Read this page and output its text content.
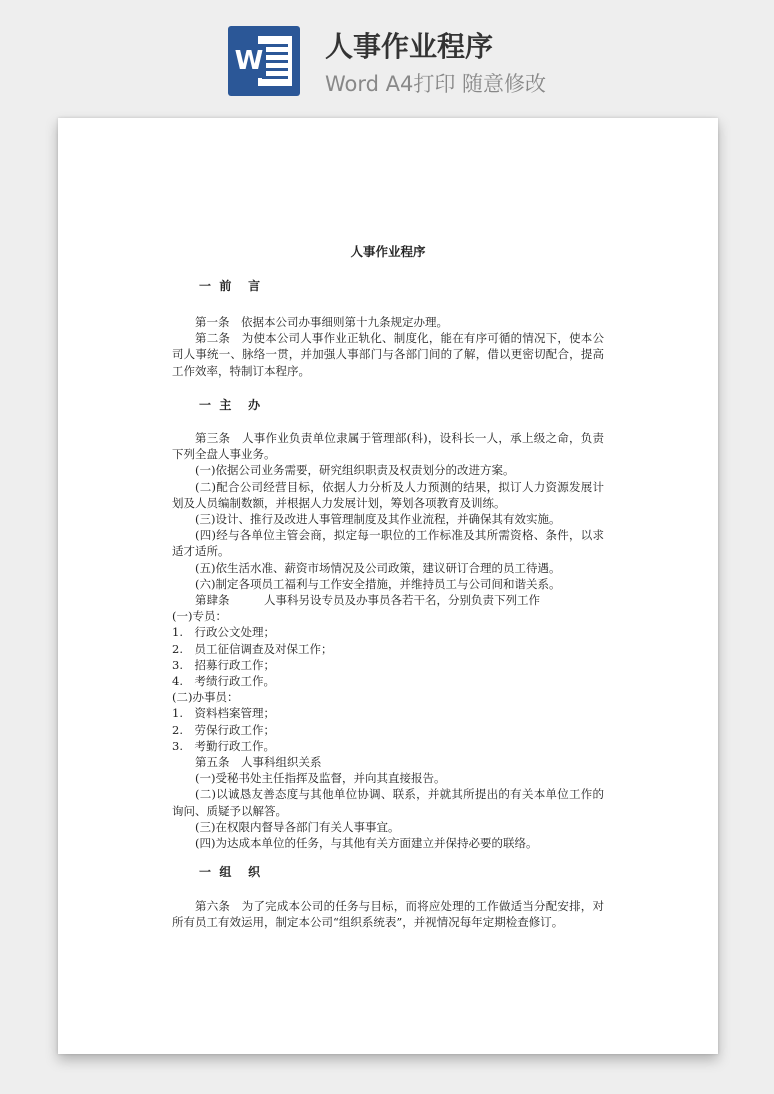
W 人事作业程序
Word A4打印 随意修改

人事作业程序
一  前    言

第一条　依据本公司办事细则第十九条规定办理。

第二条　为使本公司人事作业正轨化、制度化，能在有序可循的情况下，使本公司人事统一、脉络一贯，并加强人事部门与各部门间的了解，借以更密切配合，提高工作效率，特制订本程序。

一  主    办

第三条　人事作业负责单位隶属于管理部(科)，设科长一人，承上级之命，负责下列全盘人事业务。

(一)依据公司业务需要，研究组织职责及权责划分的改进方案。

(二)配合公司经营目标，依据人力分析及人力预测的结果，拟订人力资源发展计划及人员编制数额，并根据人力发展计划，筹划各项教育及训练。

(三)设计、推行及改进人事管理制度及其作业流程，并确保其有效实施。

(四)经与各单位主管会商，拟定每一职位的工作标准及其所需资格、条件，以求适才适所。

(五)依生活水准、薪资市场情况及公司政策，建议研订合理的员工待遇。

(六)制定各项员工福利与工作安全措施，并维持员工与公司间和谐关系。

第肆条　　　人事科另设专员及办事员各若干名，分别负责下列工作

(一)专员：

1.　行政公文处理；

2.　员工征信调查及对保工作；

3.　招募行政工作；

4.　考绩行政工作。

(二)办事员：

1.　资料档案管理；

2.　劳保行政工作；

3.　考勤行政工作。

第五条　人事科组织关系

(一)受秘书处主任指挥及监督，并向其直接报告。

(二)以诚恳友善态度与其他单位协调、联系，并就其所提出的有关本单位工作的询问、质疑予以解答。

(三)在权限内督导各部门有关人事事宜。

(四)为达成本单位的任务，与其他有关方面建立并保持必要的联络。

一  组    织

第六条　为了完成本公司的任务与目标，而将应处理的工作做适当分配安排，对所有员工有效运用，制定本公司“组织系统表”，并视情况每年定期检查修订。
